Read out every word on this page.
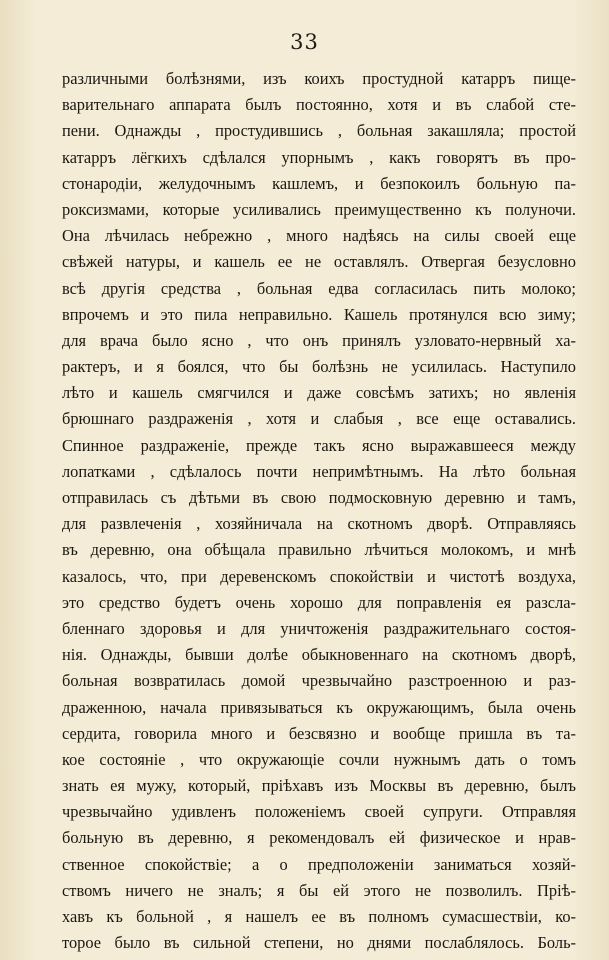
33
различными болѣзнями, изъ коихъ простудной катарръ пище-
варительнаго аппарата былъ постоянно, хотя и въ слабой сте-
пени. Однажды , простудившись , больная закашляла; простой
катарръ лёгкихъ сдѣлался упорнымъ , какъ говорятъ въ про-
стонародіи, желудочнымъ кашлемъ, и безпокоилъ больную па-
роксизмами, которые усиливались преимущественно къ полуночи.
Она лѣчилась небрежно , много надѣясь на силы своей еще
свѣжей натуры, и кашель ее не оставлялъ. Отвергая безусловно
всѣ другія средства , больная едва согласилась пить молоко;
впрочемъ и это пила неправильно. Кашель протянулся всю зиму;
для врача было ясно , что онъ принялъ узловато-нервный ха-
рактеръ, и я боялся, что бы болѣзнь не усилилась. Наступило
лѣто и кашель смягчился и даже совсѣмъ затихъ; но явленія
брюшнаго раздраженія , хотя и слабыя , все еще оставались.
Спинное раздраженіе, прежде такъ ясно выражавшееся между
лопатками , сдѣлалось почти непримѣтнымъ. На лѣто больная
отправилась съ дѣтьми въ свою подмосковную деревню и тамъ,
для развлеченія , хозяйничала на скотномъ дворѣ. Отправляясь
въ деревню, она обѣщала правильно лѣчиться молокомъ, и мнѣ
казалось, что, при деревенскомъ спокойствіи и чистотѣ воздуха,
это средство будетъ очень хорошо для поправленія ея разсла-
бленнаго здоровья и для уничтоженія раздражительнаго состоя-
нія. Однажды, бывши долѣе обыкновеннаго на скотномъ дворѣ,
больная возвратилась домой чрезвычайно разстроенною и раз-
драженною, начала привязываться къ окружающимъ, была очень
сердита, говорила много и безсвязно и вообще пришла въ та-
кое состояніе , что окружающіе сочли нужнымъ дать о томъ
знать ея мужу, который, пріѣхавъ изъ Москвы въ деревню, былъ
чрезвычайно удивленъ положеніемъ своей супруги. Отправляя
больную въ деревню, я рекомендовалъ ей физическое и нрав-
ственное спокойствіе; а о предположеніи заниматься хозяй-
ствомъ ничего не зналъ; я бы ей этого не позволилъ. Пріѣ-
хавъ къ больной , я нашелъ ее въ полномъ сумасшествіи, ко-
торое было въ сильной степени, но днями послаблялось. Боль-
